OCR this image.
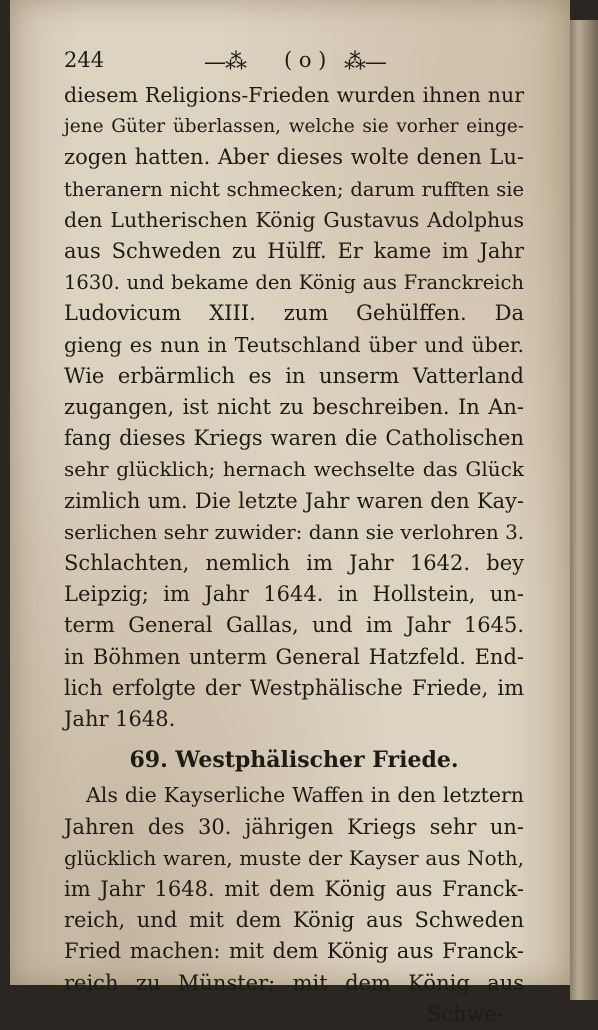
244	—⁂ ( o ) ⁂—
diesem Religions-Frieden wurden ihnen nur
jene Güter überlassen, welche sie vorher einge-
zogen hatten. Aber dieses wolte denen Lu-
theranern nicht schmecken; darum rufften sie
den Lutherischen König Gustavus Adolphus
aus Schweden zu Hülff. Er kame im Jahr
1630. und bekame den König aus Franckreich
Ludovicum XIII. zum Gehülffen. Da
gieng es nun in Teutschland über und über.
Wie erbärmlich es in unserm Vatterland
zugangen, ist nicht zu beschreiben. In An-
fang dieses Kriegs waren die Catholischen
sehr glücklich; hernach wechselte das Glück
zimlich um. Die letzte Jahr waren den Kay-
serlichen sehr zuwider: dann sie verlohren 3.
Schlachten, nemlich im Jahr 1642. bey
Leipzig; im Jahr 1644. in Hollstein, un-
term General Gallas, und im Jahr 1645.
in Böhmen unterm General Hatzfeld. End-
lich erfolgte der Westphälische Friede, im
Jahr 1648.
69. Westphälischer Friede.
Als die Kayserliche Waffen in den letztern
Jahren des 30. jährigen Kriegs sehr un-
glücklich waren, muste der Kayser aus Noth,
im Jahr 1648. mit dem König aus Franck-
reich, und mit dem König aus Schweden
Fried machen: mit dem König aus Franck-
reich zu Münster; mit dem König aus
Schwe-
